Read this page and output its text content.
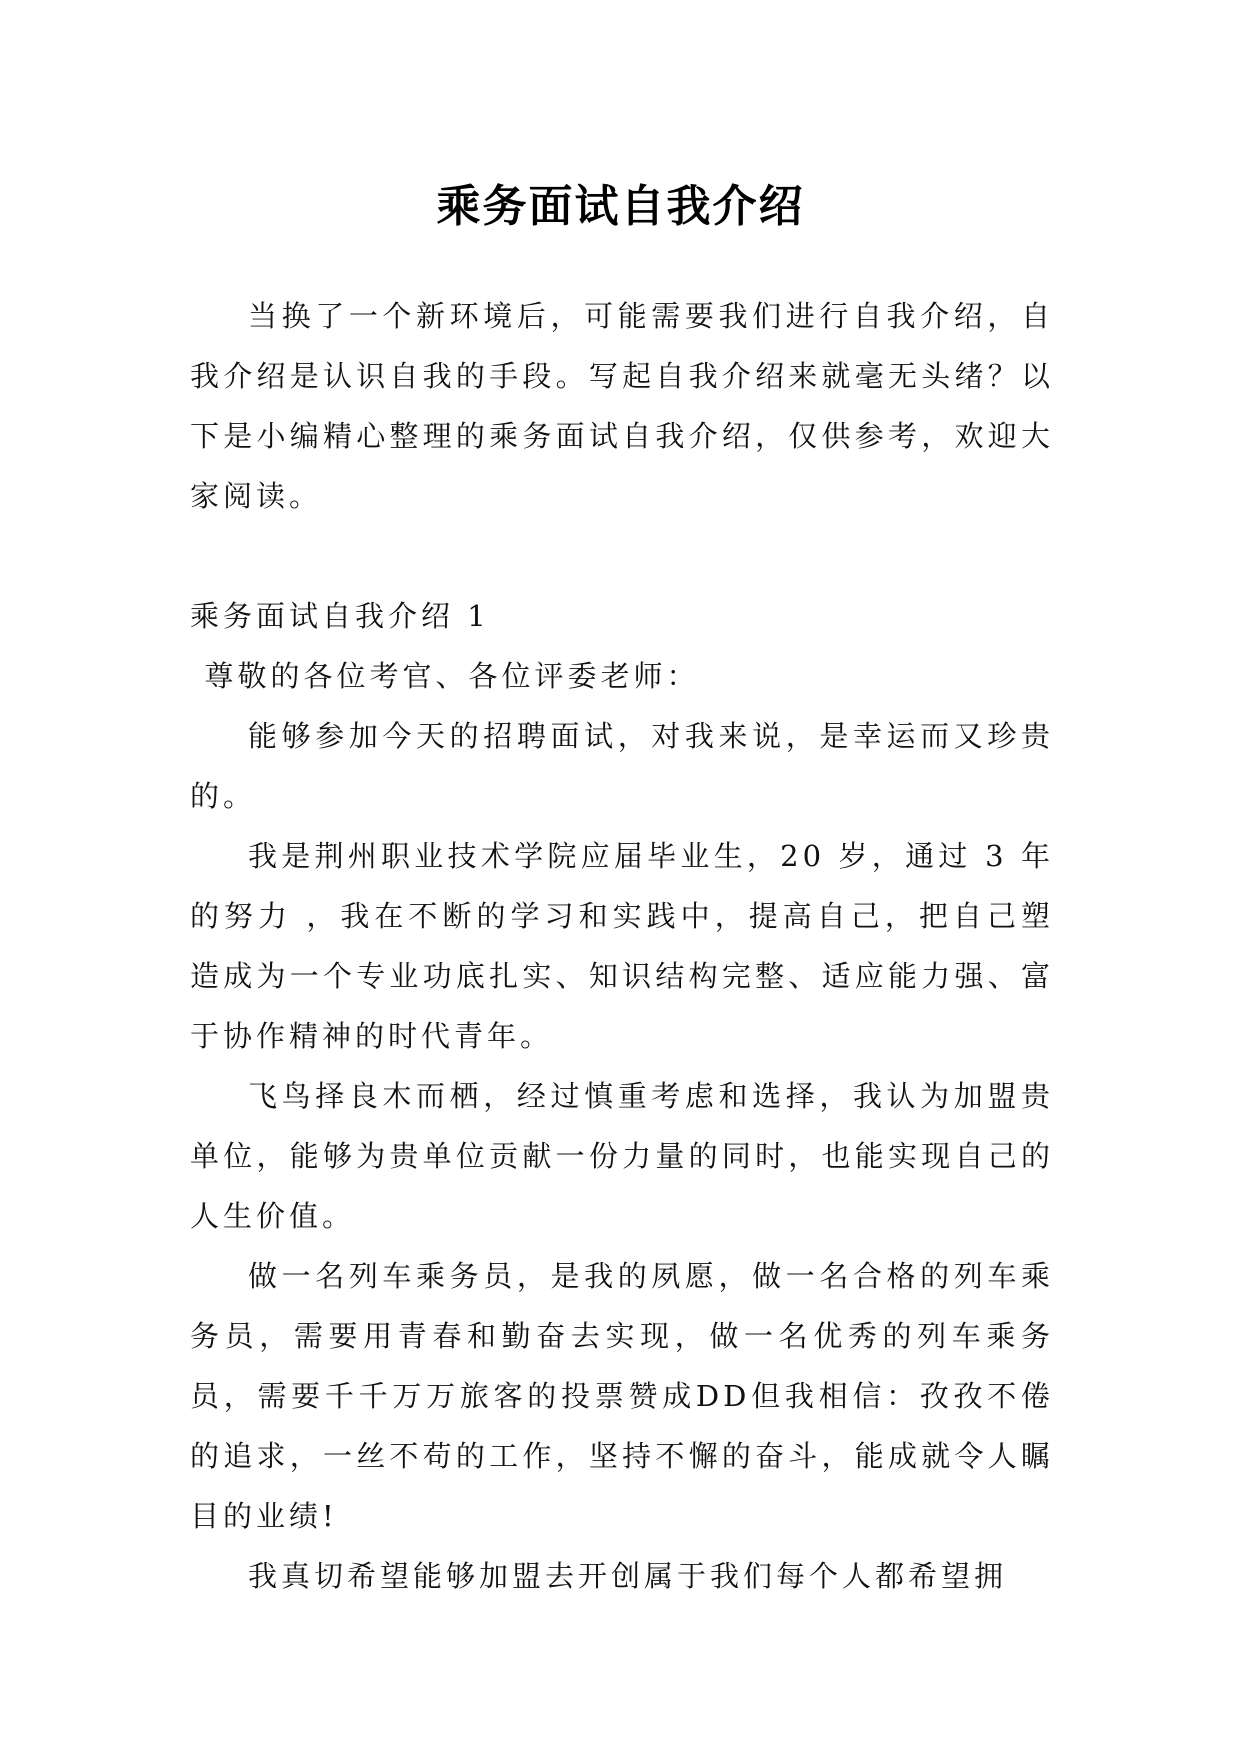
乘务面试自我介绍

当换了一个新环境后，可能需要我们进行自我介绍，自我介绍是认识自我的手段。写起自我介绍来就毫无头绪？以下是小编精心整理的乘务面试自我介绍，仅供参考，欢迎大家阅读。

乘务面试自我介绍 1

尊敬的各位考官、各位评委老师：

能够参加今天的招聘面试，对我来说，是幸运而又珍贵的。

我是荆州职业技术学院应届毕业生，20 岁，通过 3 年的努力 ，我在不断的学习和实践中，提高自己，把自己塑造成为一个专业功底扎实、知识结构完整、适应能力强、富于协作精神的时代青年。

飞鸟择良木而栖，经过慎重考虑和选择，我认为加盟贵单位，能够为贵单位贡献一份力量的同时，也能实现自己的人生价值。

做一名列车乘务员，是我的夙愿，做一名合格的列车乘务员，需要用青春和勤奋去实现，做一名优秀的列车乘务员，需要千千万万旅客的投票赞成DD但我相信：孜孜不倦的追求，一丝不苟的工作，坚持不懈的奋斗，能成就令人瞩目的业绩!

我真切希望能够加盟去开创属于我们每个人都希望拥
